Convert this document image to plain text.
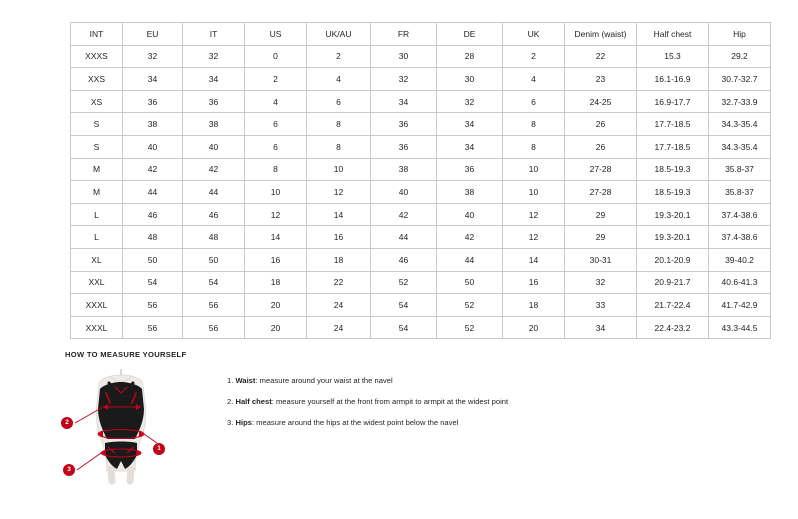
INT	EU	IT	US	UK/AU	FR	DE	UK	Denim (waist)	Half chest	Hip
XXXS	32	32	0	2	30	28	2	22	15.3	29.2
XXS	34	34	2	4	32	30	4	23	16.1-16.9	30.7-32.7
XS	36	36	4	6	34	32	6	24-25	16.9-17.7	32.7-33.9
S	38	38	6	8	36	34	8	26	17.7-18.5	34.3-35.4
S	40	40	6	8	36	34	8	26	17.7-18.5	34.3-35.4
M	42	42	8	10	38	36	10	27-28	18.5-19.3	35.8-37
M	44	44	10	12	40	38	10	27-28	18.5-19.3	35.8-37
L	46	46	12	14	42	40	12	29	19.3-20.1	37.4-38.6
L	48	48	14	16	44	42	12	29	19.3-20.1	37.4-38.6
XL	50	50	16	18	46	44	14	30-31	20.1-20.9	39-40.2
XXL	54	54	18	22	52	50	16	32	20.9-21.7	40.6-41.3
XXXL	56	56	20	24	54	52	18	33	21.7-22.4	41.7-42.9
XXXL	56	56	20	24	54	52	20	34	22.4-23.2	43.3-44.5
HOW TO MEASURE YOURSELF
1
2
3
1. Waist: measure around your waist at the navel
2. Half chest: measure yourself at the front from armpit to armpit at the widest point
3. Hips: measure around the hips at the widest point below the navel
